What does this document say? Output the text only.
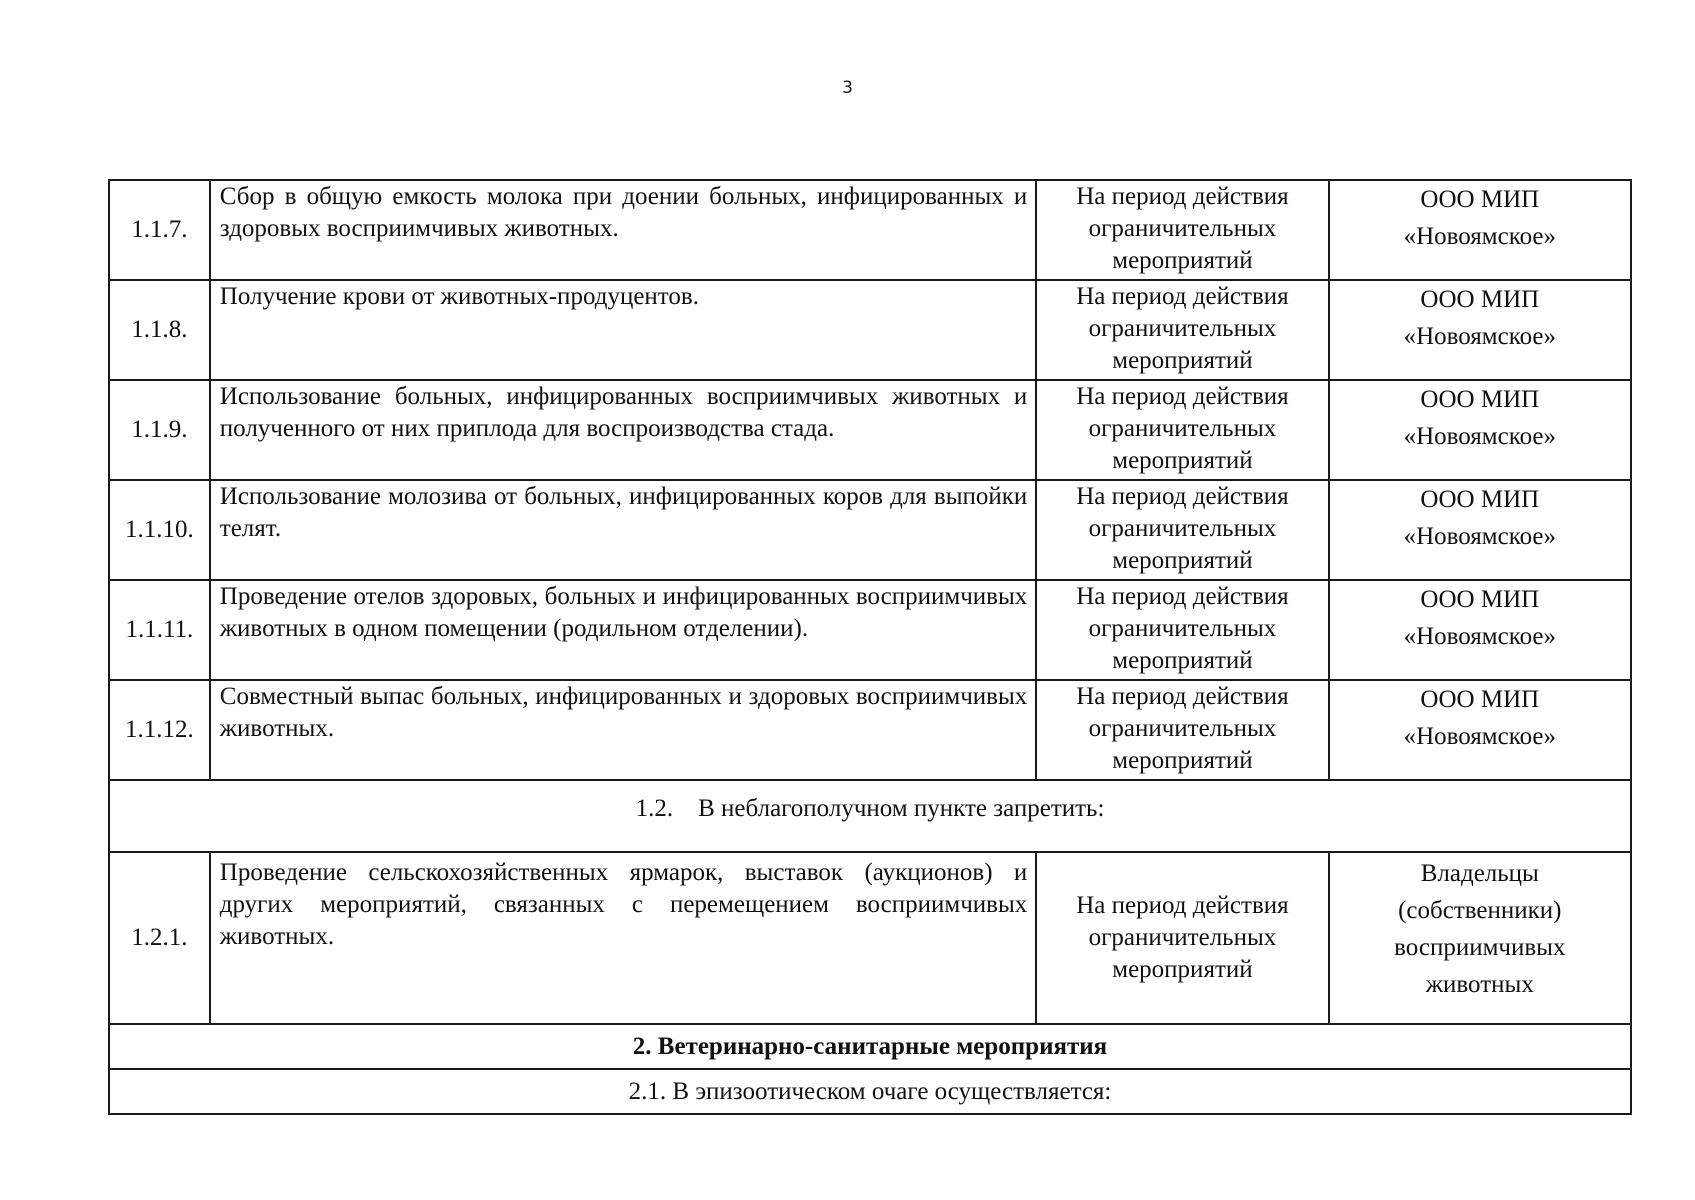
3
1.1.7.	Сбор в общую емкость молока при доении больных, инфицированных и здоровых восприимчивых животных.	На период действия
ограничительных
мероприятий	ООО МИП
«Новоямское»

1.1.8.	Получение крови от животных-продуцентов.	На период действия
ограничительных
мероприятий	ООО МИП
«Новоямское»

1.1.9.	Использование больных, инфицированных восприимчивых животных и полученного от них приплода для воспроизводства стада.	На период действия
ограничительных
мероприятий	ООО МИП
«Новоямское»

1.1.10.	Использование молозива от больных, инфицированных коров для выпойки телят.	На период действия
ограничительных
мероприятий	ООО МИП
«Новоямское»

1.1.11.	Проведение отелов здоровых, больных и инфицированных восприимчивых животных в одном помещении (родильном отделении).	На период действия
ограничительных
мероприятий	ООО МИП
«Новоямское»

1.1.12.	Совместный выпас больных, инфицированных и здоровых восприимчивых животных.	На период действия
ограничительных
мероприятий	ООО МИП
«Новоямское»

1.2.    В неблагополучном пункте запретить:			
1.2.1.	Проведение сельскохозяйственных ярмарок, выставок (аукционов) и других мероприятий, связанных с перемещением восприимчивых животных.	На период действия
ограничительных
мероприятий	Владельцы
(собственники)
восприимчивых
животных

2. Ветеринарно-санитарные мероприятия			
2.1. В эпизоотическом очаге осуществляется:			
